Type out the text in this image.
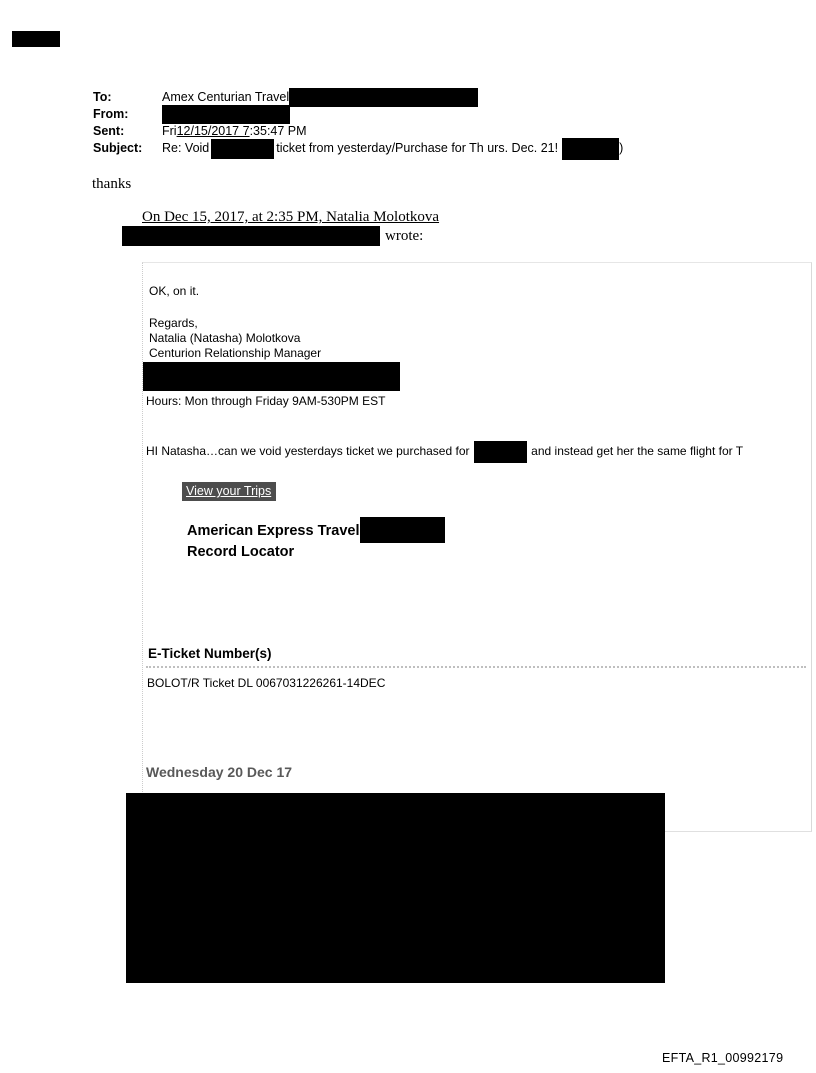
To:	Amex Centurian Travel
From:
Sent:	Fri 12/15/2017 7 :35:47 PM
Subject:	Re: Void	ticket from yesterday/Purchase for Th urs. Dec. 21!	)
thanks
On Dec 15, 2017, at 2:35 PM, Natalia Molotkova
wrote:
OK, on it.
Regards,
Natalia (Natasha) Molotkova
Centurion Relationship Manager
Hours: Mon through Friday 9AM-530PM EST
HI Natasha…can we void yesterdays ticket we purchased for	and instead get her the same flight for T
View your Trips
American Express Travel
Record Locator
E-Ticket Number(s)
BOLOT/R Ticket DL 0067031226261-14DEC
Wednesday 20 Dec 17
EFTA_R1_00992179
